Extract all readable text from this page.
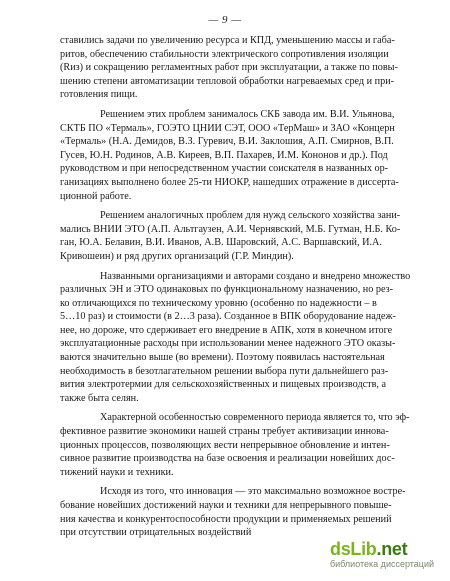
— 9 —
ставились задачи по увеличению ресурса и КПД, уменьшению массы и габа-
ритов, обеспечению стабильности электрического сопротивления изоляции
(Rиз) и сокращению регламентных работ при эксплуатации, а также по повы-
шению степени автоматизации тепловой обработки нагреваемых сред и при-
готовления пищи.
Решением этих проблем занималось СКБ завода им. В.И. Ульянова,
СКТБ ПО «Термаль», ГОЭТО ЦНИИ СЭТ, ООО «ТерМаш» и ЗАО «Концерн
«Термаль» (Н.А. Демидов, В.З. Гуревич, В.И. Заклошия, А.П. Смирнов, В.П.
Гусев, Ю.Н. Родинов, А.В. Киреев, В.П. Пахарев, И.М. Кононов и др.). Под
руководством и при непосредственном участии соискателя в названных ор-
ганизациях выполнено более 25-ти НИОКР, нашедших отражение в диссерта-
ционной работе.
Решением аналогичных проблем для нужд сельского хозяйства зани-
мались ВНИИ ЭТО (А.П. Альтгаузен, А.И. Чернявский, М.Б. Гутман, Н.Б. Ко-
ган, Ю.А. Белавин, В.И. Иванов, А.В. Шаровский, А.С. Варшавский, И.А.
Кривошеин) и ряд других организаций (Г.Р. Миндин).
Названными организациями и авторами создано и внедрено множество
различных ЭН и ЭТО одинаковых по функциональному назначению, но рез-
ко отличающихся по техническому уровню (особенно по надежности – в
5…10 раз) и стоимости (в 2…3 раза). Созданное в ВПК оборудование надеж-
нее, но дороже, что сдерживает его внедрение в АПК, хотя в конечном итоге
эксплуатационные расходы при использовании менее надежного ЭТО оказы-
ваются значительно выше (во времени). Поэтому появилась настоятельная
необходимость в безотлагательном решении выбора пути дальнейшего раз-
вития электротермии для сельскохозяйственных и пищевых производств, а
также быта селян.
Характерной особенностью современного периода является то, что эф-
фективное развитие экономики нашей страны требует активизации иннова-
ционных процессов, позволяющих вести непрерывное обновление и интен-
сивное развитие производства на базе освоения и реализации новейших дос-
тижений науки и техники.
Исходя из того, что инновация — это максимально возможное востре-
бование новейших достижений науки и техники для непрерывного повыше-
ния качества и конкурентоспособности продукции и применяемых решений
при отсутствии отрицательных воздействий
dsLib.net
библиотека диссертаций
